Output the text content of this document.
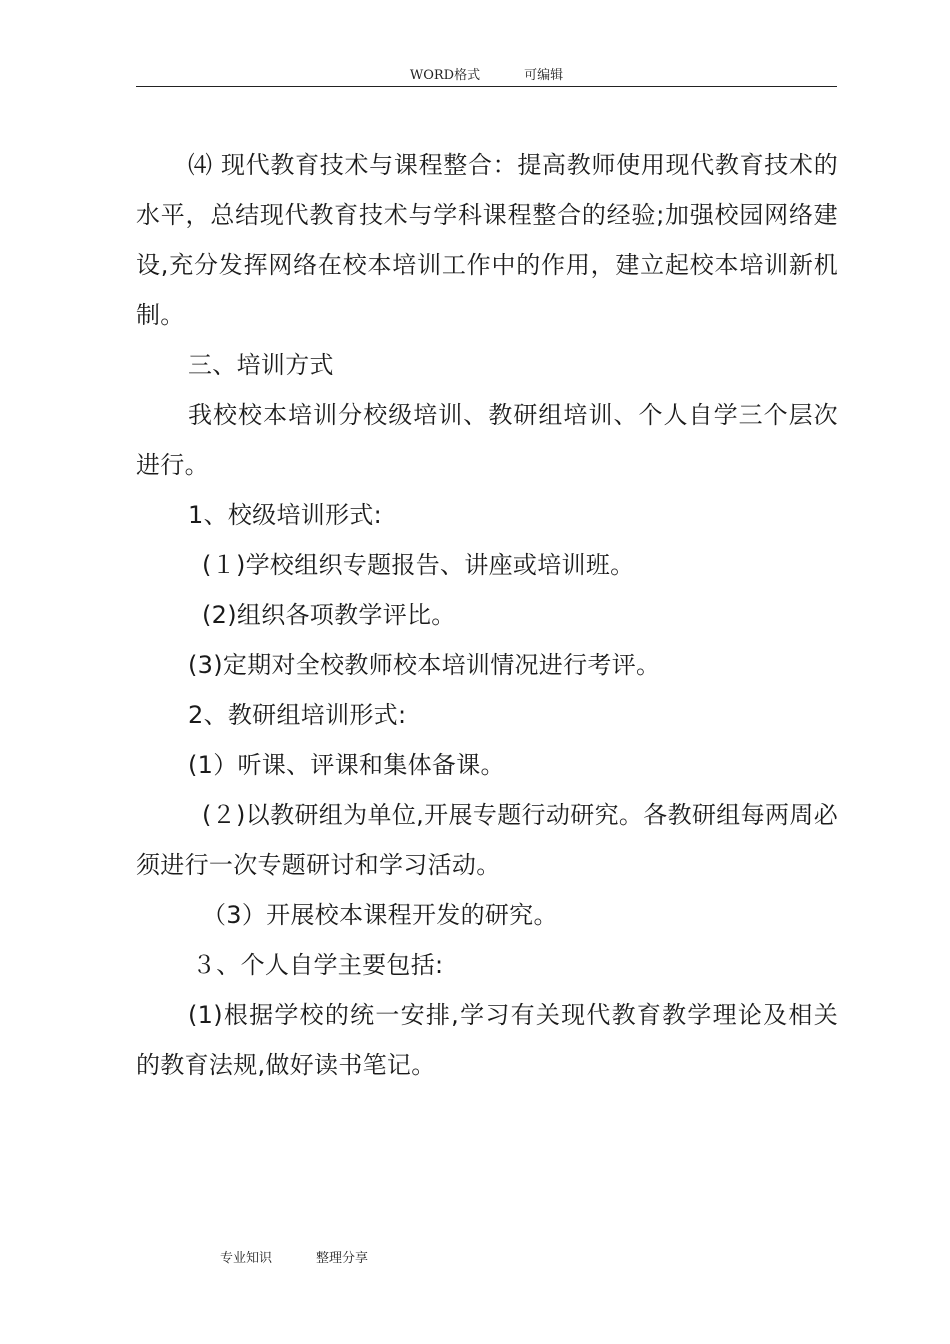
WORD格式	可编辑

⑷ 现代教育技术与课程整合：提高教师使用现代教育技术的水平，总结现代教育技术与学科课程整合的经验;加强校园网络建设,充分发挥网络在校本培训工作中的作用，建立起校本培训新机制。

三、培训方式

我校校本培训分校级培训、教研组培训、个人自学三个层次进行。

1、校级培训形式:

(１)学校组织专题报告、讲座或培训班。

(2)组织各项教学评比。

(3)定期对全校教师校本培训情况进行考评。

2、教研组培训形式:

(1）听课、评课和集体备课。

(２)以教研组为单位,开展专题行动研究。各教研组每两周必须进行一次专题研讨和学习活动。

（3）开展校本课程开发的研究。

３、个人自学主要包括:

(1)根据学校的统一安排,学习有关现代教育教学理论及相关的教育法规,做好读书笔记。

专业知识	整理分享
